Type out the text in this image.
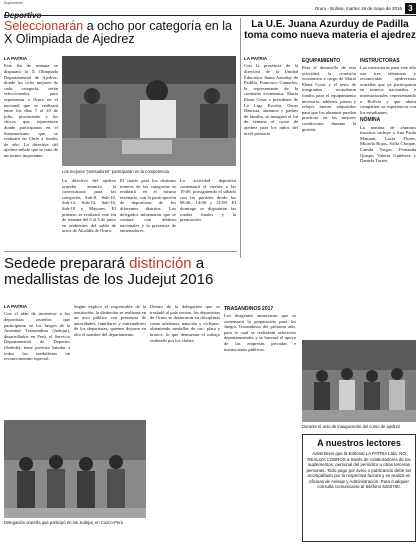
Suplemento
Deportivo
Oruro - Bolivia, martes 18 de mayo de 2016 3
Seleccionarán a ocho por categoría en la X Olimpiada de Ajedrez
LA PATRIA

Este fin de semana se disputará la X Olimpiada Departamental de Ajedrez, donde los ocho mejores de cada categoría, serán seleccionados para representar a Oruro en el nacional que se realizará entre los días 7 al 10 de julio, proveniente a los chicos que representen donde participaron en el Suramericano que se realizará en Chile a finales de año. La directiva del ajedrez señaló que se trata de un torneo importante.

Los mejores “pensadores” participarán en la competencia.

La directiva del ajedrez orureño anunció la convocatoria para las categorías Sub-8, Sub-10, Sub-12, Sub-14, Sub-16, Sub-18 y Mayores. El primero se realizará este fin de semana del 3 al 5 de junio en ambientes del salón de actos de Alcaldía de Oruro.

El cuarto para los distintos torneos de las categorías se realizará en el mismo escenario, con la participación de deportistas de los diferentes distritos. Los delegados informaron que se contará con árbitros nacionales y la presencia de entrenadores.

La actividad deportiva comenzará el viernes a las 19:00, prosiguiendo el sábado con las partidas desde las 08:30, 14:00 y 21:00. El domingo se disputarán las rondas finales y la premiación.

La U.E. Juana Azurduy de Padilla toma como nueva materia el ajedrez
LA PATRIA

Con la presencia de la directiva de la Unidad Educativa Juana Azurduy de Padilla, Francisco Camacho, la representante de la comisión económica, María Elena Cossi e presidente de La Liga Escolar, Oscar Bautista, alumnos y padres de familia, se inauguró el fin de semana el curso de ajedrez para los niños del nivel primario.

EQUIPAMIENTO

Para el desarrollo de esta actividad, la comisión económica a cargo de María Elena Cossi y el resto de integrantes recaudaron fondos para el equipamiento necesario; tableros, piezas y relojes fueron adquiridos para que los alumnos puedan practicar en las mejores condiciones durante la gestión.

INSTRUCTORAS

Las instructoras para este año son tres talentosas y reconocidas ajedrecistas orureñas que ya participaron en torneos nacionales e internacionales representando a Bolivia y que ahora comparten su experiencia con los estudiantes.

NÓMINA

La nómina de alumnos inscritos incluye a Ana Paula Mamani, Lucía Flores, Micaela Rojas, Sofía Choque, Camila Vargas, Fernanda Quispe, Valeria Gutiérrez y Daniela Torrez.

Durante el acto de inauguración del curso de ajedrez
Sedede preparará distinción a
medallistas de los Judejut 2016
LA PATRIA

Con el afán de incentivar a los deportistas orureños que participaron en los Juegos de la Juventud Transandina (Judejut), desarrollados en Perú, el Servicio Departamental de Deportes (Sedede), tiene previsto brindar a todos los medallistas un reconocimiento especial.

Según explicó el responsable de la institución, la distinción se realizará en un acto público con presencia de autoridades, familiares y entrenadores de los deportistas, quienes dejaron en alto el nombre del departamento.

Dentro de la delegación que se trasladó al país vecino, los deportistas de Oruro se destacaron en disciplinas como atletismo, natación y ciclismo, obteniendo medallas de oro, plata y bronce, lo que demuestra el trabajo realizado por los clubes.

TRASANDINOS 2017

Los dirigentes anunciaron que se comenzará la preparación para los Juegos Trasandinos del próximo año, para lo cual se realizarán selectivos departamentales y se buscará el apoyo de las empresas privadas e instituciones públicas.

Delegación orureña que participó en los Judejut, en Cuzco-Perú
A nuestros lectores
Advertimos que la Editorial LA PATRIA Ltda. NO REALIZA COBROS a través de colaboradores de los suplementos, personal del periódico u otras terceras personas. Todo pago por aviso o publicación debe ser acompañado por la respectiva factura y se realiza en oficinas de Avisaje y Administración. Para cualquier consulta comunicarse al teléfono 5250780.
